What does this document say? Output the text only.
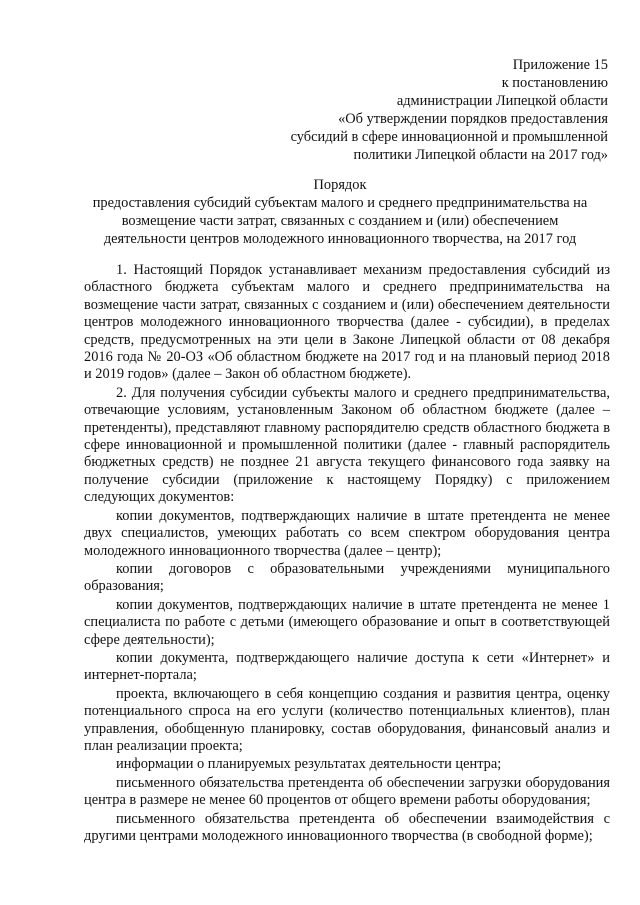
Приложение 15
к постановлению
администрации Липецкой области
«Об утверждении порядков предоставления
субсидий в сфере инновационной и промышленной
политики Липецкой области на 2017 год»
Порядок
предоставления субсидий субъектам малого и среднего предпринимательства на
возмещение части затрат, связанных с созданием и (или) обеспечением
деятельности центров молодежного инновационного творчества, на 2017 год

1. Настоящий Порядок устанавливает механизм предоставления субсидий из областного бюджета субъектам малого и среднего предпринимательства на возмещение части затрат, связанных с созданием и (или) обеспечением деятельности центров молодежного инновационного творчества (далее - субсидии), в пределах средств, предусмотренных на эти цели в Законе Липецкой области от 08 декабря 2016 года № 20-ОЗ «Об областном бюджете на 2017 год и на плановый период 2018 и 2019 годов» (далее – Закон об областном бюджете).

2. Для получения субсидии субъекты малого и среднего предпринимательства, отвечающие условиям, установленным Законом об областном бюджете (далее – претенденты), представляют главному распорядителю средств областного бюджета в сфере инновационной и промышленной политики (далее - главный распорядитель бюджетных средств) не позднее 21 августа текущего финансового года заявку на получение субсидии (приложение к настоящему Порядку) с приложением следующих документов:

копии документов, подтверждающих наличие в штате претендента не менее двух специалистов, умеющих работать со всем спектром оборудования центра молодежного инновационного творчества (далее – центр);

копии договоров с образовательными учреждениями муниципального образования;

копии документов, подтверждающих наличие в штате претендента не менее 1 специалиста по работе с детьми (имеющего образование и опыт в соответствующей сфере деятельности);

копии документа, подтверждающего наличие доступа к сети «Интернет» и интернет-портала;

проекта, включающего в себя концепцию создания и развития центра, оценку потенциального спроса на его услуги (количество потенциальных клиентов), план управления, обобщенную планировку, состав оборудования, финансовый анализ и план реализации проекта;

информации о планируемых результатах деятельности центра;

письменного обязательства претендента об обеспечении загрузки оборудования центра в размере не менее 60 процентов от общего времени работы оборудования;

письменного обязательства претендента об обеспечении взаимодействия с другими центрами молодежного инновационного творчества (в свободной форме);
